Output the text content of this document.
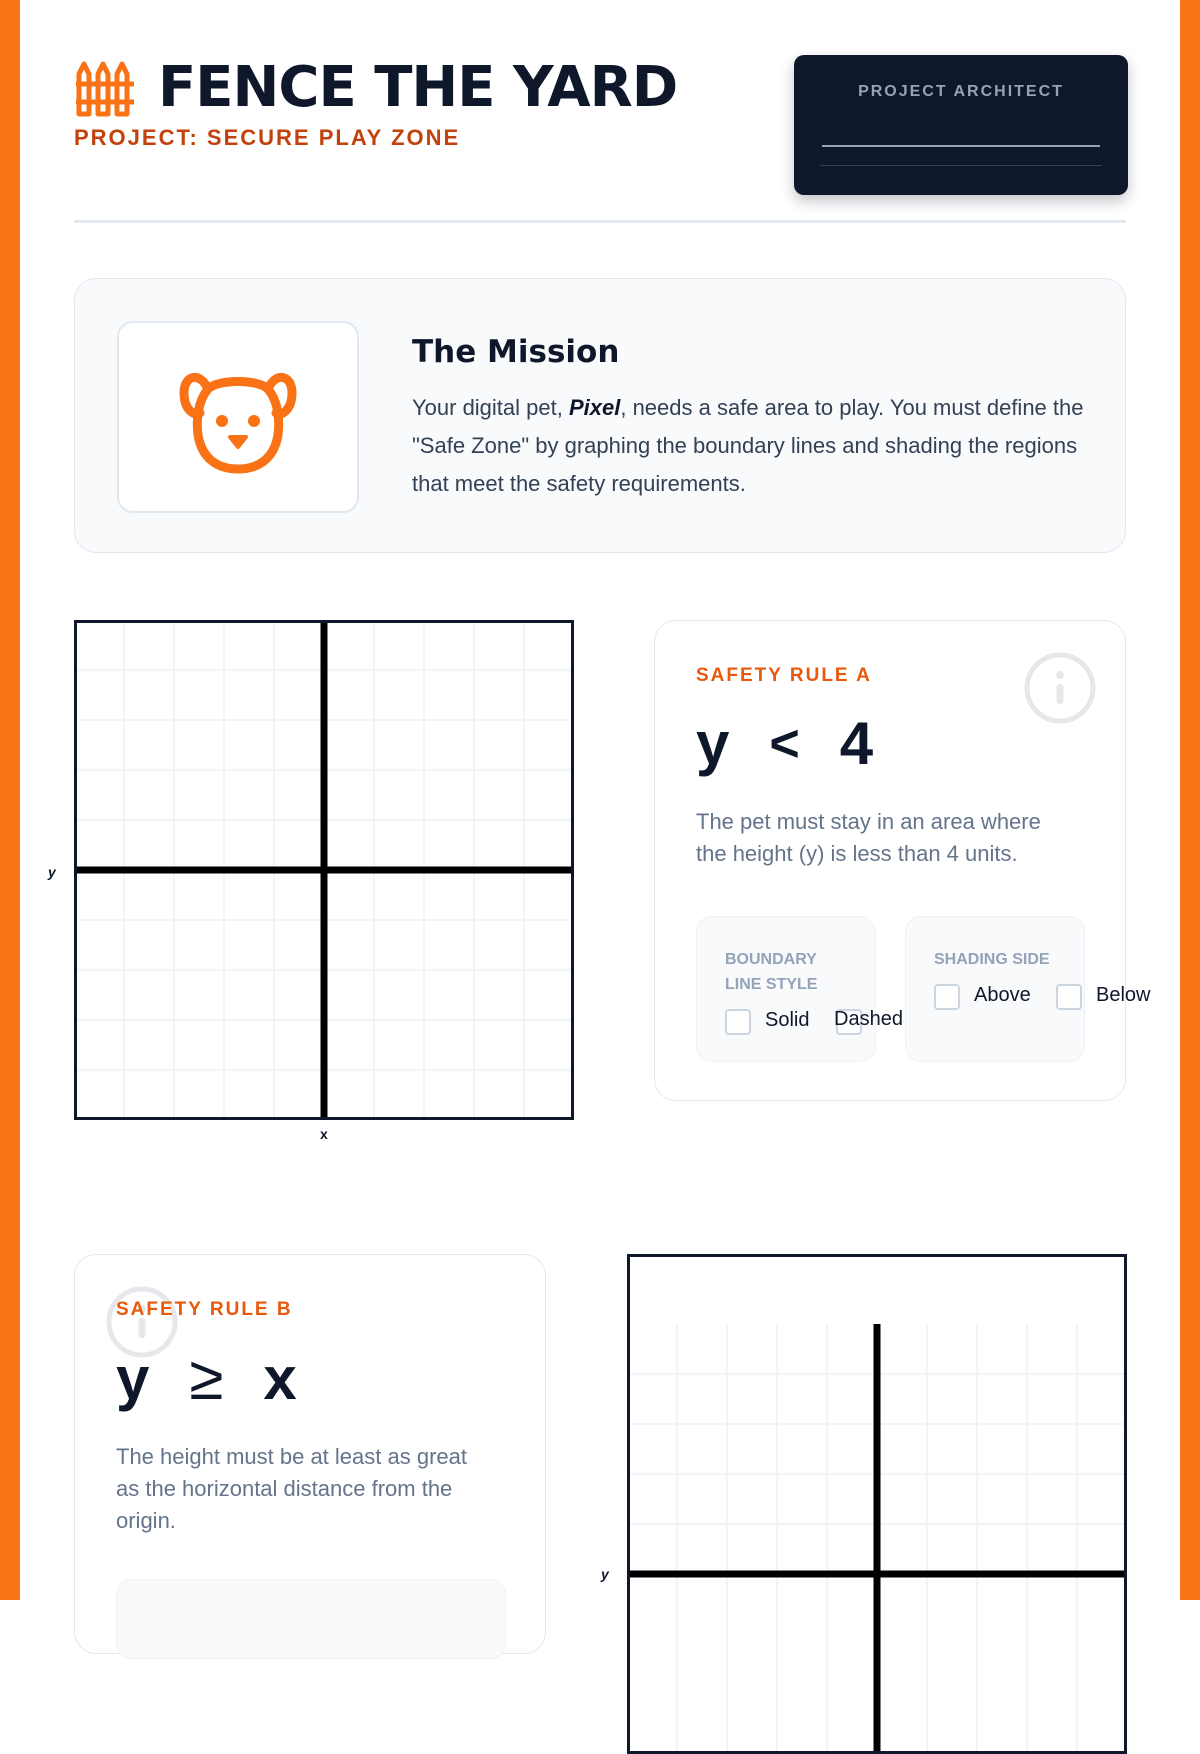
FENCE THE YARD
PROJECT: SECURE PLAY ZONE
PROJECT ARCHITECT
The Mission
Your digital pet, Pixel, needs a safe area to play. You must define the "Safe Zone" by graphing the boundary lines and shading the regions that meet the safety requirements.
y
x
SAFETY RULE A
y < 4
The pet must stay in an area where the height (y) is less than 4 units.
BOUNDARY LINE STYLE
Solid Dashed
SHADING SIDE
Above	Below
SAFETY RULE B
y ≥ x
The height must be at least as great as the horizontal distance from the origin.
y
